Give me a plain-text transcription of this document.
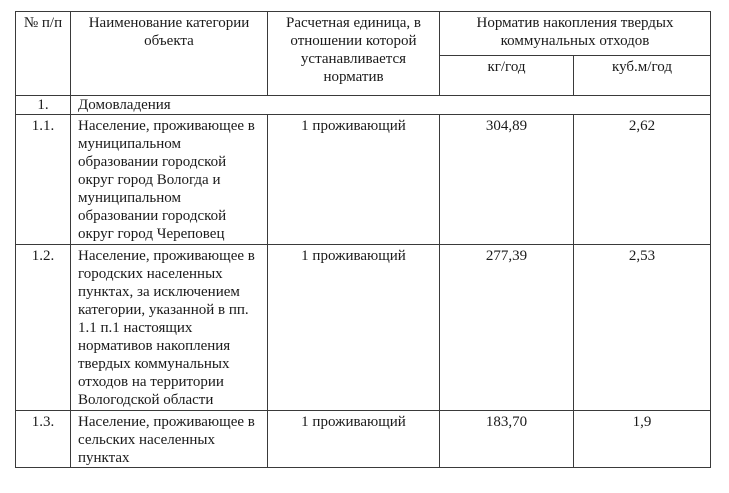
№ п/п	Наименование категории объекта	Расчетная единица, в отношении которой устанавливается норматив	Норматив накопления твердых коммунальных отходов	
			кг/год	куб.м/год
1.	Домовладения			
1.1.	Население, проживающее в муниципальном образовании городской округ город Вологда и муниципальном образовании городской округ город Череповец	1 проживающий	304,89	2,62
1.2.	Население, проживающее в городских населенных пунктах, за исключением категории, указанной в пп. 1.1 п.1 настоящих нормативов накопления твердых коммунальных отходов на территории Вологодской области	1 проживающий	277,39	2,53
1.3.	Население, проживающее в сельских населенных пунктах	1 проживающий	183,70	1,9
